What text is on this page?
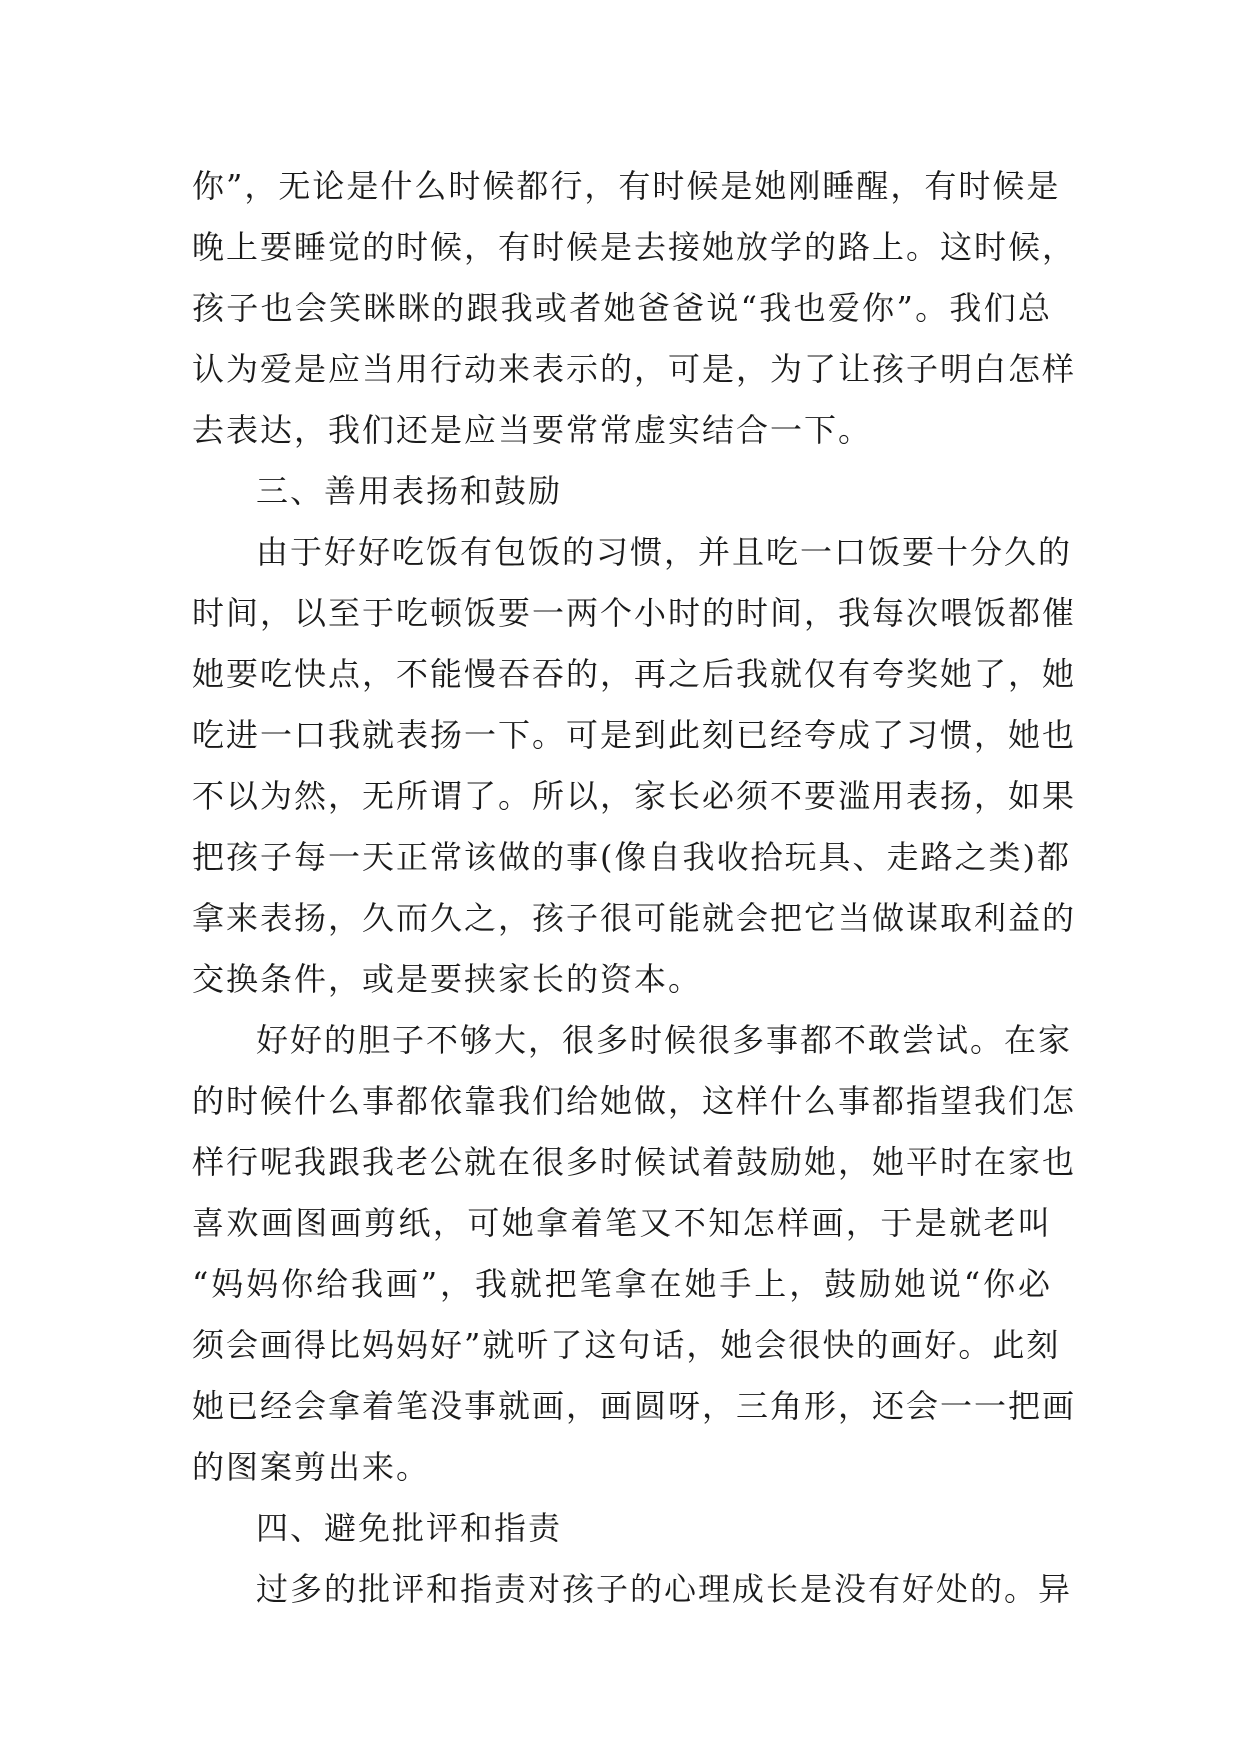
你”，无论是什么时候都行，有时候是她刚睡醒，有时候是
晚上要睡觉的时候，有时候是去接她放学的路上。这时候，
孩子也会笑眯眯的跟我或者她爸爸说“我也爱你”。我们总
认为爱是应当用行动来表示的，可是，为了让孩子明白怎样
去表达，我们还是应当要常常虚实结合一下。
三、善用表扬和鼓励
由于好好吃饭有包饭的习惯，并且吃一口饭要十分久的
时间，以至于吃顿饭要一两个小时的时间，我每次喂饭都催
她要吃快点，不能慢吞吞的，再之后我就仅有夸奖她了，她
吃进一口我就表扬一下。可是到此刻已经夸成了习惯，她也
不以为然，无所谓了。所以，家长必须不要滥用表扬，如果
把孩子每一天正常该做的事(像自我收拾玩具、走路之类)都
拿来表扬，久而久之，孩子很可能就会把它当做谋取利益的
交换条件，或是要挟家长的资本。
好好的胆子不够大，很多时候很多事都不敢尝试。在家
的时候什么事都依靠我们给她做，这样什么事都指望我们怎
样行呢我跟我老公就在很多时候试着鼓励她，她平时在家也
喜欢画图画剪纸，可她拿着笔又不知怎样画，于是就老叫
“妈妈你给我画”，我就把笔拿在她手上，鼓励她说“你必
须会画得比妈妈好”就听了这句话，她会很快的画好。此刻
她已经会拿着笔没事就画，画圆呀，三角形，还会一一把画
的图案剪出来。
四、避免批评和指责
过多的批评和指责对孩子的心理成长是没有好处的。异
